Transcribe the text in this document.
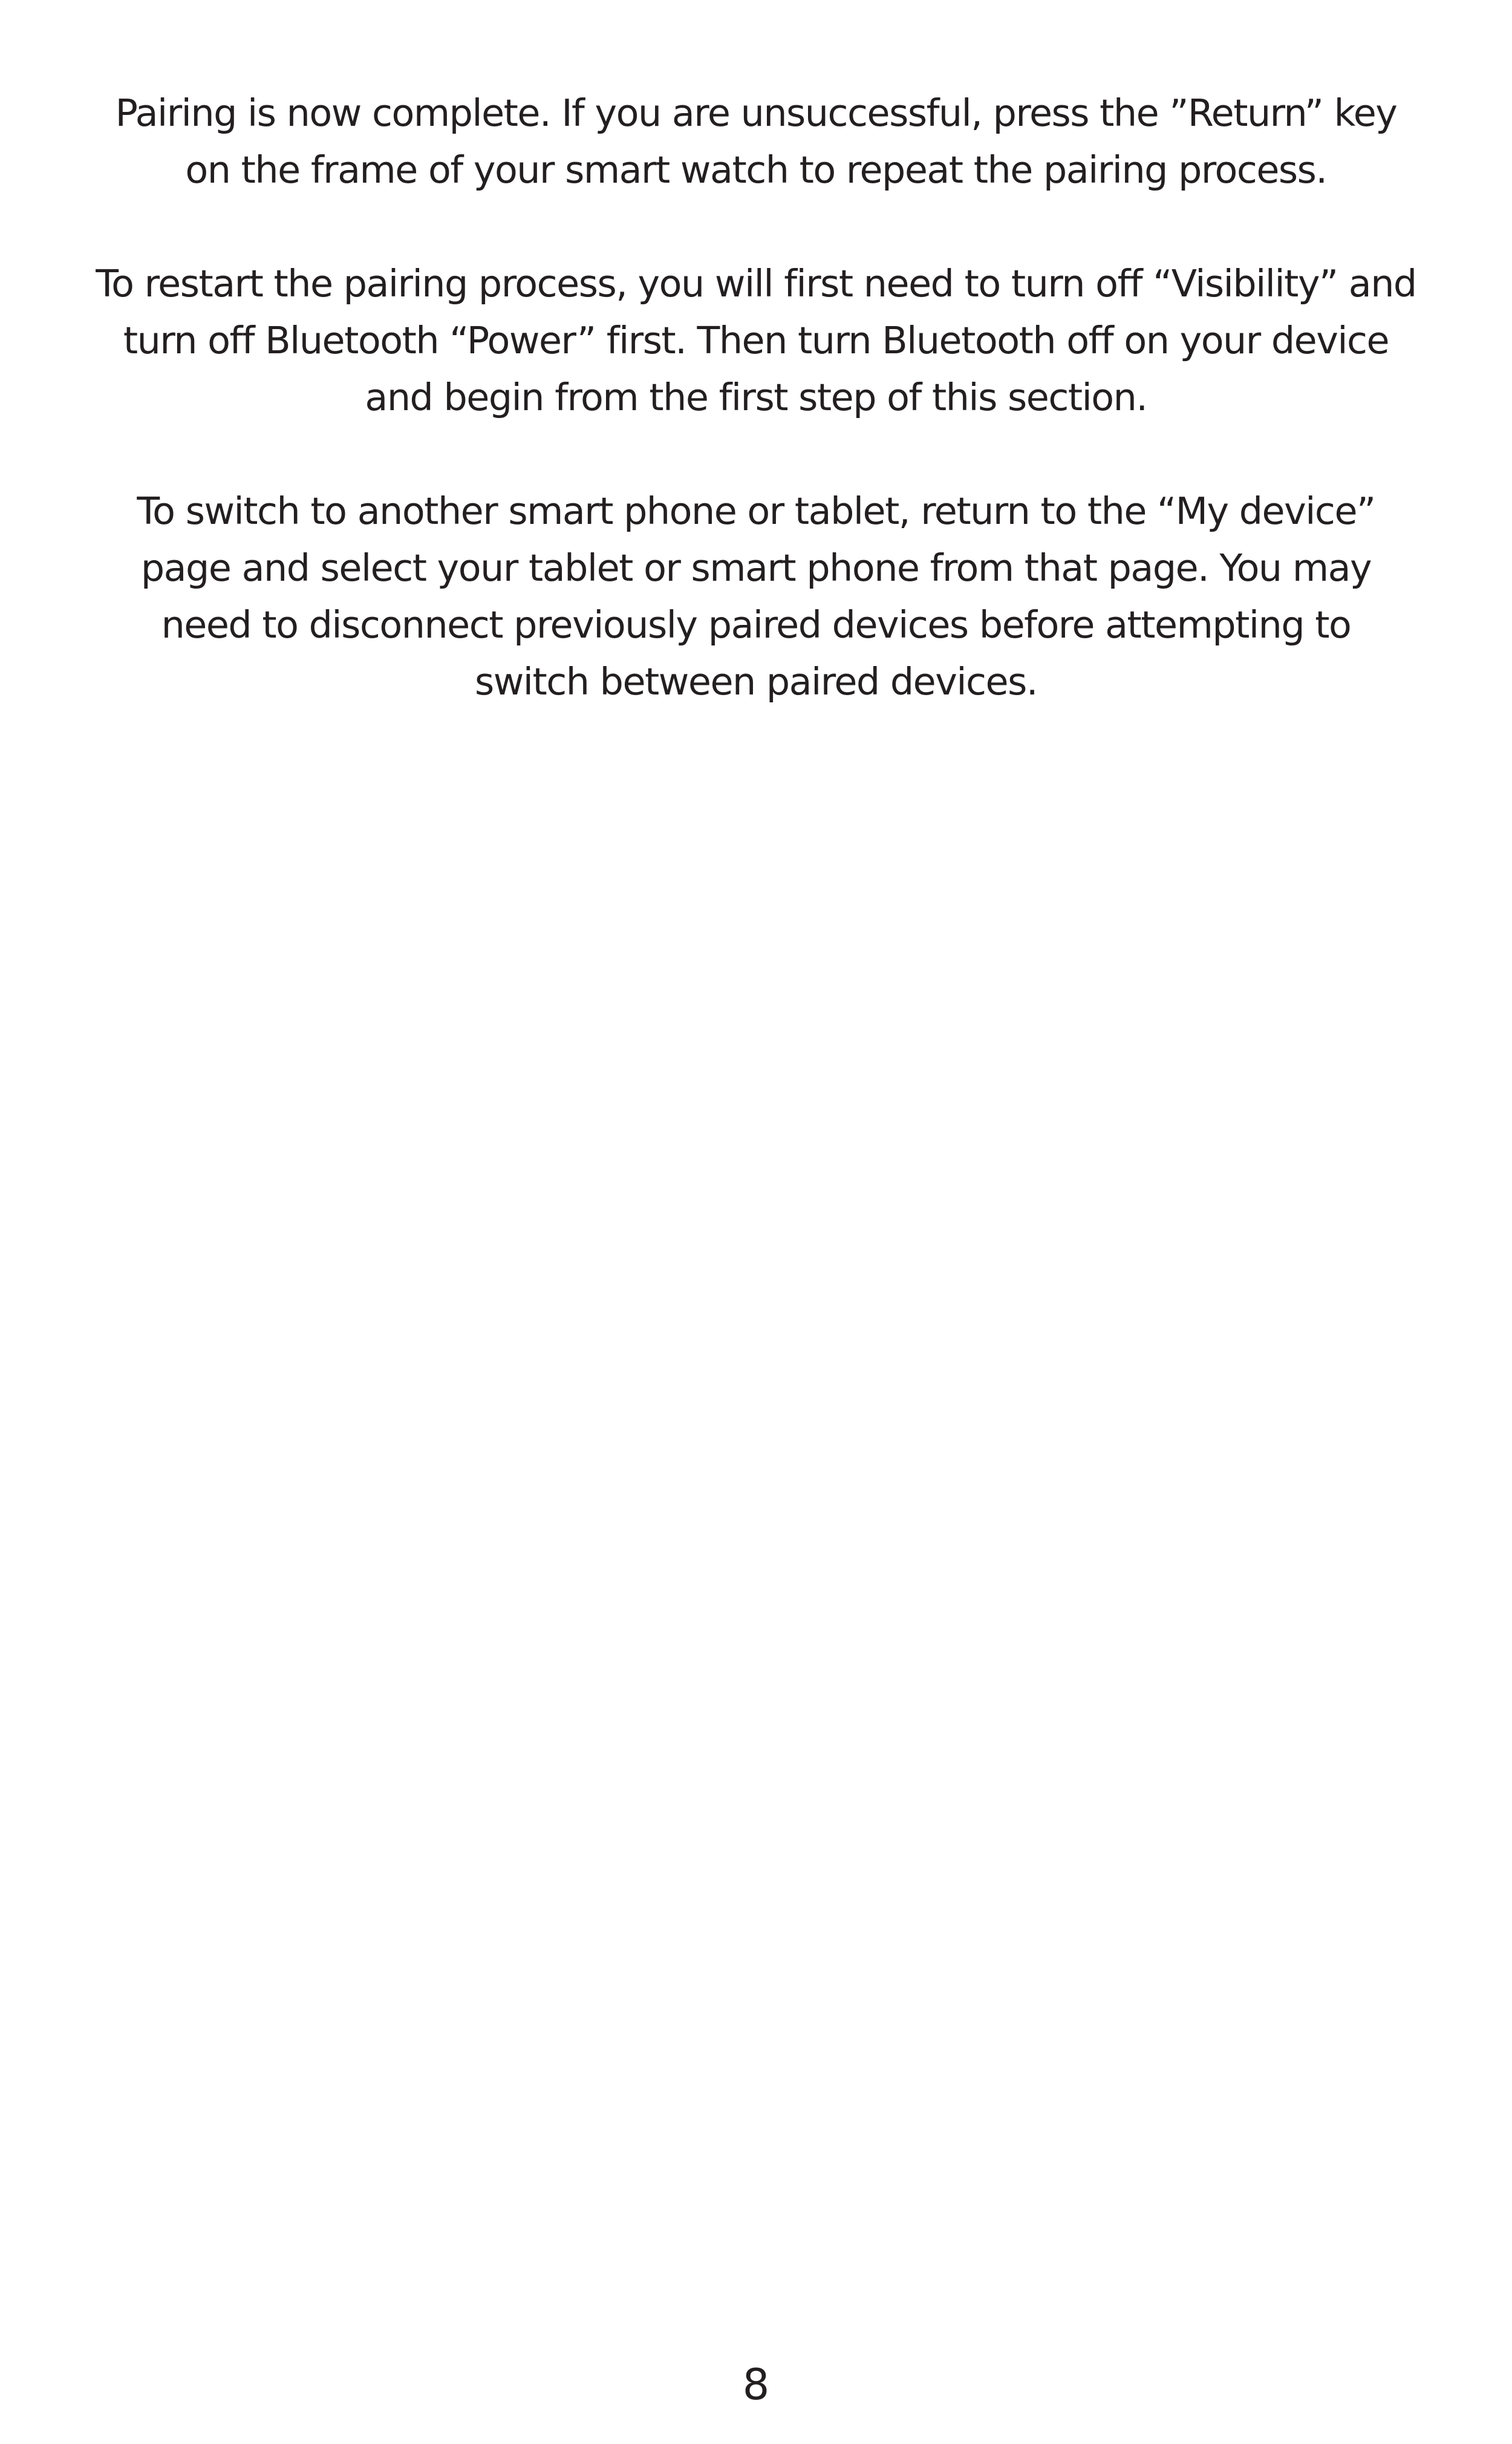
Pairing is now complete. If you are unsuccessful, press the ”Return” key
on the frame of your smart watch to repeat the pairing process.

To restart the pairing process, you will first need to turn off “Visibility” and
turn off Bluetooth “Power” first. Then turn Bluetooth off on your device
and begin from the first step of this section.

To switch to another smart phone or tablet, return to the “My device”
page and select your tablet or smart phone from that page. You may
need to disconnect previously paired devices before attempting to
switch between paired devices.

8
